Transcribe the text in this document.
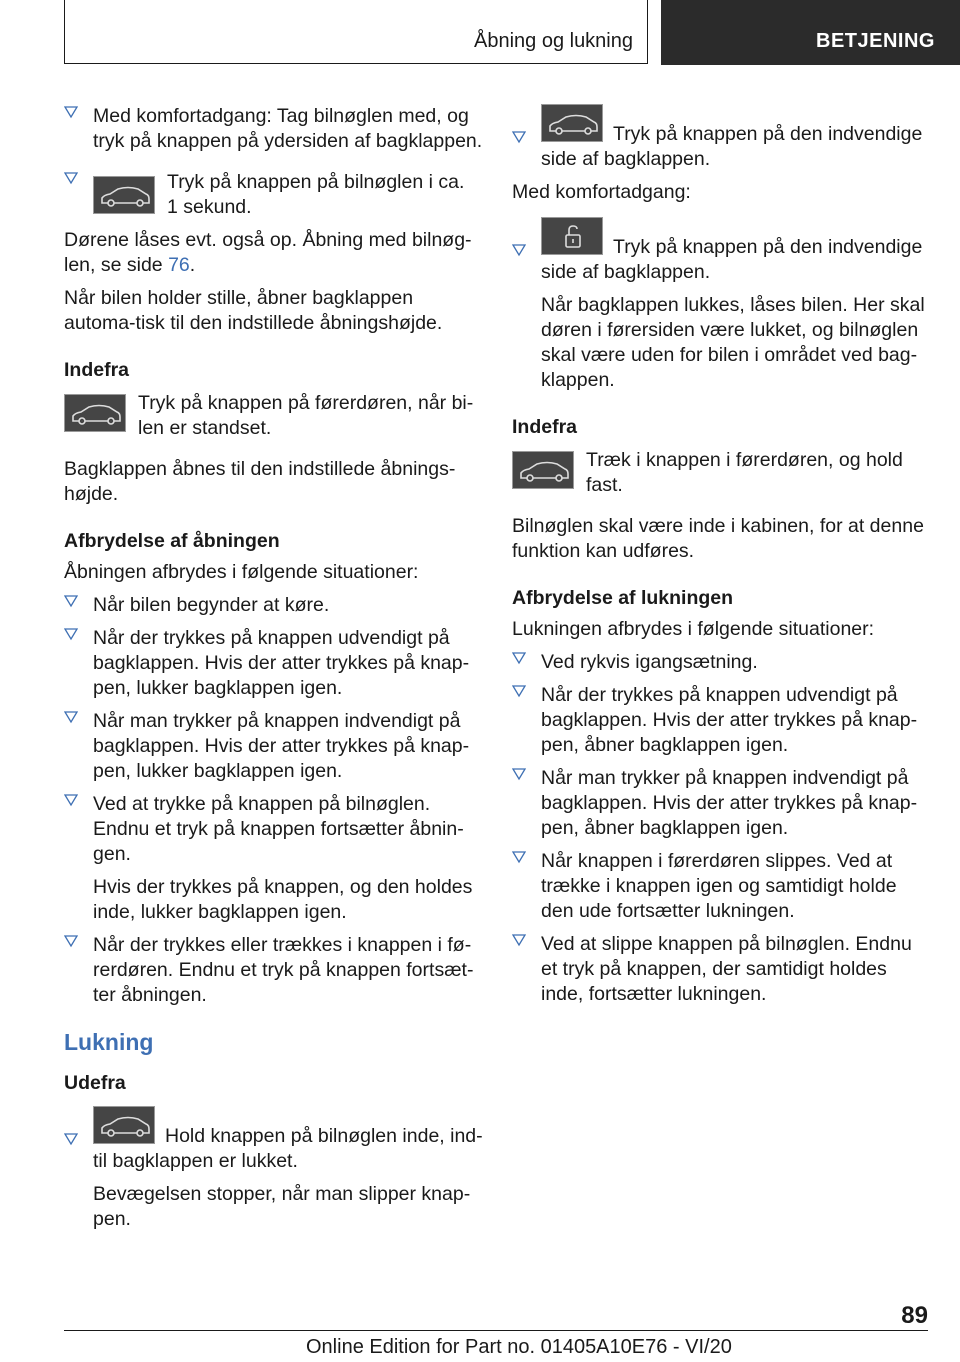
Åbning og lukning	BETJENING

Med komfortadgang: Tag bilnøglen med, og tryk på knappen på ydersiden af bagklappen.

Tryk på knappen på bilnøglen i ca.

1 sekund.

Dørene låses evt. også op. Åbning med bilnøg-len, se side 76.

Når bilen holder stille, åbner bagklappen automa-tisk til den indstillede åbningshøjde.

Indefra

Tryk på knappen på førerdøren, når bi-len er standset.

Bagklappen åbnes til den indstillede åbnings-højde.

Afbrydelse af åbningen

Åbningen afbrydes i følgende situationer:

Når bilen begynder at køre.

Når der trykkes på knappen udvendigt på bagklappen. Hvis der atter trykkes på knap-pen, lukker bagklappen igen.

Når man trykker på knappen indvendigt på bagklappen. Hvis der atter trykkes på knap-pen, lukker bagklappen igen.

Ved at trykke på knappen på bilnøglen. Endnu et tryk på knappen fortsætter åbnin-gen.

Hvis der trykkes på knappen, og den holdes inde, lukker bagklappen igen.

Når der trykkes eller trækkes i knappen i fø-rerdøren. Endnu et tryk på knappen fortsæt-ter åbningen.

Lukning

Udefra

Hold knappen på bilnøglen inde, ind-til bagklappen er lukket.

Bevægelsen stopper, når man slipper knap-pen.

Tryk på knappen på den indvendige side af bagklappen.

Med komfortadgang:

Tryk på knappen på den indvendige side af bagklappen.

Når bagklappen lukkes, låses bilen. Her skal døren i førersiden være lukket, og bilnøglen skal være uden for bilen i området ved bag-klappen.

Indefra

Træk i knappen i førerdøren, og hold fast.

Bilnøglen skal være inde i kabinen, for at denne funktion kan udføres.

Afbrydelse af lukningen

Lukningen afbrydes i følgende situationer:

Ved rykvis igangsætning.

Når der trykkes på knappen udvendigt på bagklappen. Hvis der atter trykkes på knap-pen, åbner bagklappen igen.

Når man trykker på knappen indvendigt på bagklappen. Hvis der atter trykkes på knap-pen, åbner bagklappen igen.

Når knappen i førerdøren slippes. Ved at trække i knappen igen og samtidigt holde den ude fortsætter lukningen.

Ved at slippe knappen på bilnøglen. Endnu et tryk på knappen, der samtidigt holdes inde, fortsætter lukningen.

89
Online Edition for Part no. 01405A10E76 - VI/20
